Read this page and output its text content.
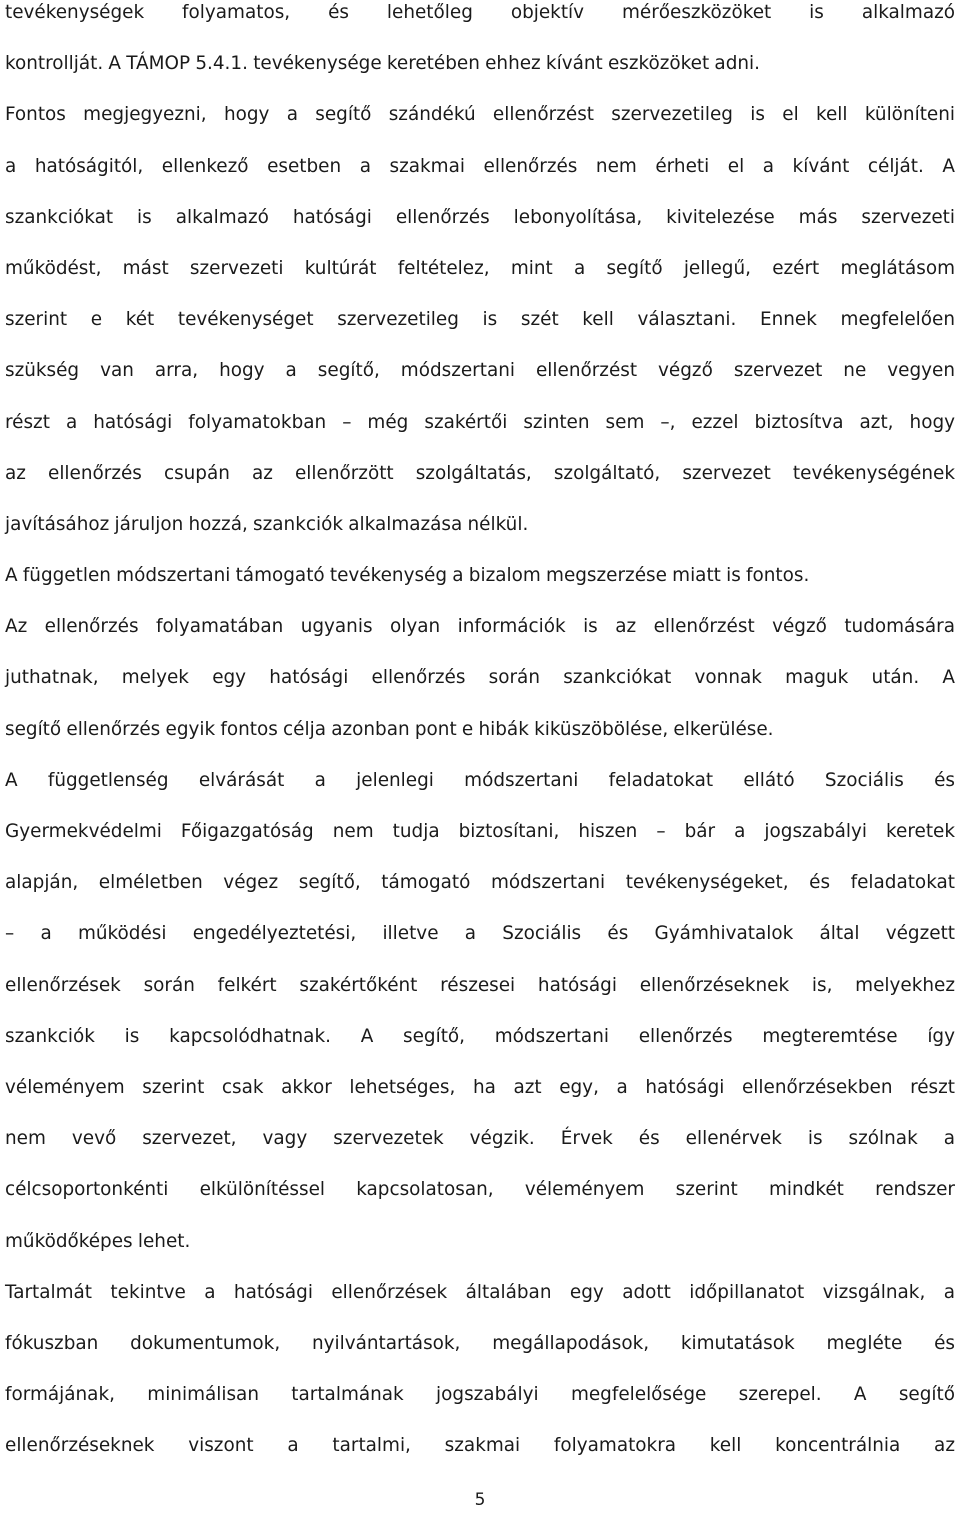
tevékenységek folyamatos, és lehetőleg objektív mérőeszközöket is alkalmazó
kontrollját. A TÁMOP 5.4.1. tevékenysége keretében ehhez kívánt eszközöket adni.
Fontos megjegyezni, hogy a segítő szándékú ellenőrzést szervezetileg is el kell különíteni
a hatóságitól, ellenkező esetben a szakmai ellenőrzés nem érheti el a kívánt célját. A
szankciókat is alkalmazó hatósági ellenőrzés lebonyolítása, kivitelezése más szervezeti
működést, mást szervezeti kultúrát feltételez, mint a segítő jellegű, ezért meglátásom
szerint e két tevékenységet szervezetileg is szét kell választani. Ennek megfelelően
szükség van arra, hogy a segítő, módszertani ellenőrzést végző szervezet ne vegyen
részt a hatósági folyamatokban – még szakértői szinten sem –, ezzel biztosítva azt, hogy
az ellenőrzés csupán az ellenőrzött szolgáltatás, szolgáltató, szervezet tevékenységének
javításához járuljon hozzá, szankciók alkalmazása nélkül.
A független módszertani támogató tevékenység a bizalom megszerzése miatt is fontos.
Az ellenőrzés folyamatában ugyanis olyan információk is az ellenőrzést végző tudomására
juthatnak, melyek egy hatósági ellenőrzés során szankciókat vonnak maguk után. A
segítő ellenőrzés egyik fontos célja azonban pont e hibák kiküszöbölése, elkerülése.
A függetlenség elvárását a jelenlegi módszertani feladatokat ellátó Szociális és
Gyermekvédelmi Főigazgatóság nem tudja biztosítani, hiszen – bár a jogszabályi keretek
alapján, elméletben végez segítő, támogató módszertani tevékenységeket, és feladatokat
– a működési engedélyeztetési, illetve a Szociális és Gyámhivatalok által végzett
ellenőrzések során felkért szakértőként részesei hatósági ellenőrzéseknek is, melyekhez
szankciók is kapcsolódhatnak. A segítő, módszertani ellenőrzés megteremtése így
véleményem szerint csak akkor lehetséges, ha azt egy, a hatósági ellenőrzésekben részt
nem vevő szervezet, vagy szervezetek végzik. Érvek és ellenérvek is szólnak a
célcsoportonkénti elkülönítéssel kapcsolatosan, véleményem szerint mindkét rendszer
működőképes lehet.
Tartalmát tekintve a hatósági ellenőrzések általában egy adott időpillanatot vizsgálnak, a
fókuszban dokumentumok, nyilvántartások, megállapodások, kimutatások megléte és
formájának, minimálisan tartalmának jogszabályi megfelelősége szerepel. A segítő
ellenőrzéseknek viszont a tartalmi, szakmai folyamatokra kell koncentrálnia az
5
